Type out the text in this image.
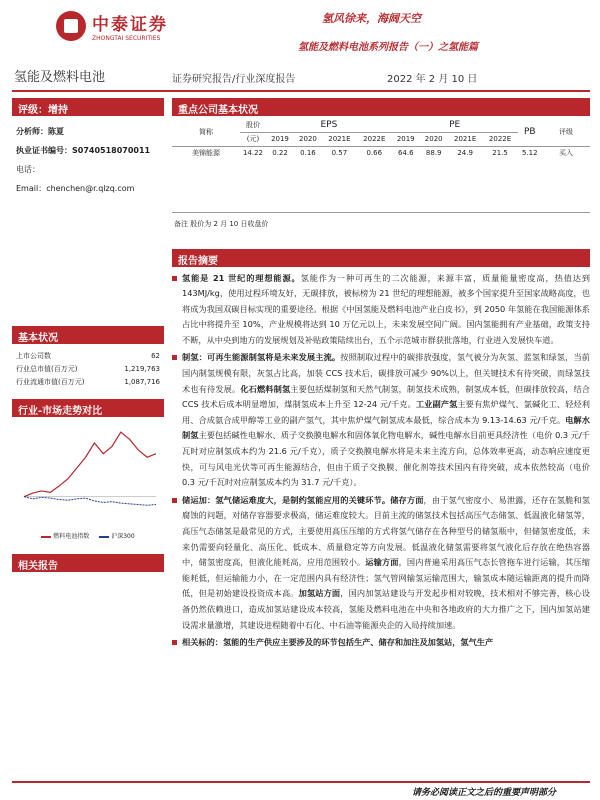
中泰证券
ZHONGTAI SECURITIES
氢风徐来，海阔天空
氢能及燃料电池系列报告（一）之氢能篇
氢能及燃料电池	证券研究报告/行业深度报告	2022 年 2 月 10 日
评级：增持
分析师：陈夏
执业证书编号：S0740518070011
电话：
Email：chenchen@r.qlzq.com
基本状况
上市公司数	62
行业总市值(百万元)	1,219,763
行业流通市值(百万元)	1,087,716
行业-市场走势对比
燃料电池指数	沪深300
相关报告
重点公司基本状况
简称	股价	EPS				PE				PB	评级
	(元)	2019	2020	2021E	2022E	2019	2020	2021E	2022E		
美锦能源	14.22	0.22	0.16	0.57	0.66	64.6	88.9	24.9	21.5	5.12	买入

备注 股价为 2 月 10 日收盘价
报告摘要
氢能是 21 世纪的理想能源。氢能作为一种可再生的二次能源，来源丰富，质量能量密度高，热值达到 143MJ/kg，使用过程环境友好，无碳排放，被标榜为 21 世纪的理想能源，被多个国家提升至国家战略高度，也将成为我国双碳目标实现的重要途径。根据《中国氢能及燃料电池产业白皮书》，到 2050 年氢能在我国能源体系占比中将提升至 10%，产业规模将达到 10 万亿元以上，未来发展空间广阔。国内氢能拥有产业基础，政策支持不断，从中央到地方的发展规划及补贴政策陆续出台，五个示范城市群获批落地，行业进入发展快车道。
制氢：可再生能源制氢将是未来发展主流。按照制取过程中的碳排放强度，氢气被分为灰氢、蓝氢和绿氢，当前国内制氢规模有限，灰氢占比高，加装 CCS 技术后，碳排放可减少 90%以上，但关键技术有待突破，而绿氢技术也有待发展。化石燃料制氢主要包括煤制氢和天然气制氢，制氢技术成熟，制氢成本低，但碳排放较高，结合 CCS 技术后成本明显增加，煤制氢成本上升至 12-24 元/千克。工业副产氢主要有焦炉煤气、氯碱化工、轻烃利用、合成氨合成甲醇等工业的副产氢气，其中焦炉煤气制氢成本最低，综合成本为 9.13-14.63 元/千克。电解水制氢主要包括碱性电解水、质子交换膜电解水和固体氧化物电解水，碱性电解水目前更具经济性（电价 0.3 元/千瓦时对应制氢成本约为 21.6 元/千克），质子交换膜电解水将是未来主流方向，总体效率更高，动态响应速度更快，可与风电光伏等可再生能源结合，但由于质子交换膜、催化剂等技术国内有待突破，成本依然较高（电价 0.3 元/千瓦时对应制氢成本约为 31.7 元/千克）。
储运加：氢气储运难度大，是制约氢能应用的关键环节。储存方面，由于氢气密度小、易泄露，还存在氢脆和氢腐蚀的问题，对储存容器要求极高，储运难度较大。目前主流的储氢技术包括高压气态储氢、低温液化储氢等，高压气态储氢是最常见的方式，主要使用高压压缩的方式将氢气储存在各种型号的储氢瓶中，但储氢密度低，未来仍需要向轻量化、高压化、低成本、质量稳定等方向发展。低温液化储氢需要将氢气液化后存放在绝热容器中，储氢密度高，但液化能耗高，应用范围较小。运输方面，国内普遍采用高压气态长管拖车进行运输，其压缩能耗低，但运输能力小，在一定范围内具有经济性；氢气管网输氢运输范围大，输氢成本随运输距离的提升而降低，但是初始建设投资成本高。加氢站方面，国内加氢站建设与开发起步相对较晚，技术相对不够完善，核心设备仍然依赖进口，造成加氢站建设成本较高，氢能及燃料电池在中央和各地政府的大力推广之下，国内加氢站建设需求量激增，其建设进程随着中石化、中石油等能源央企的入局持续加速。
相关标的：氢能的生产供应主要涉及的环节包括生产、储存和加注及加氢站，氢气生产
请务必阅读正文之后的重要声明部分
